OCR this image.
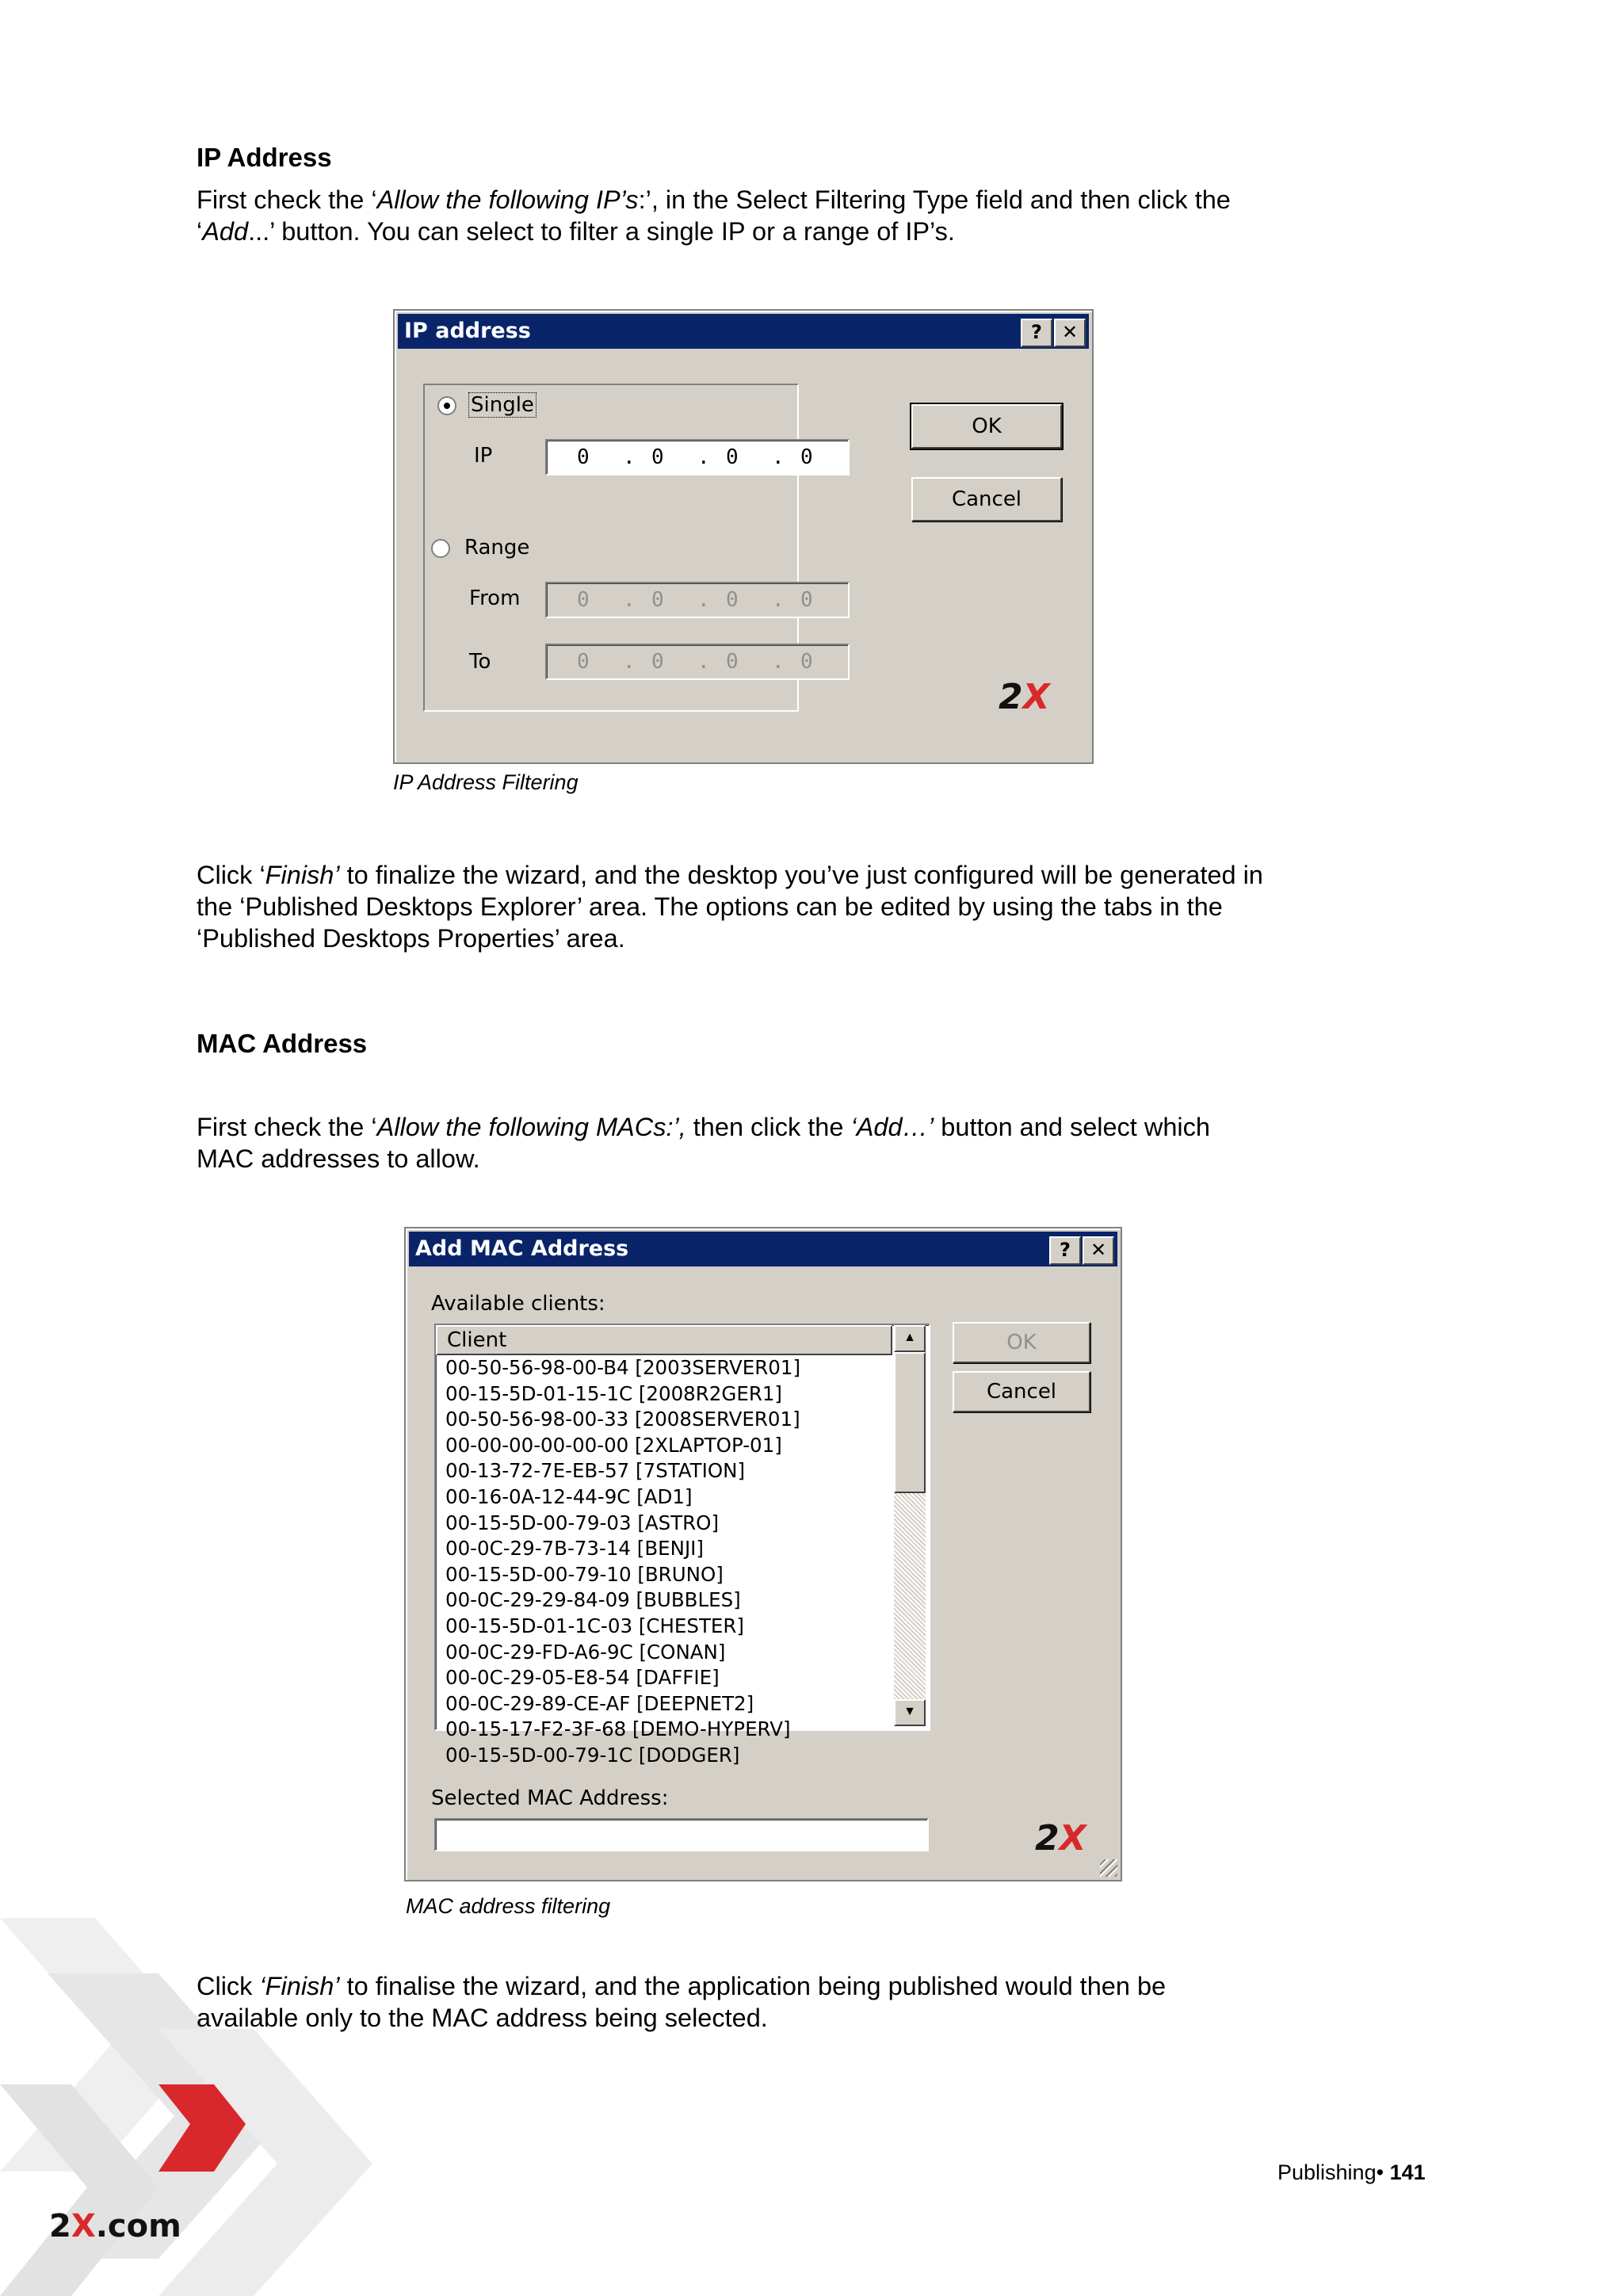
IP Address
First check the ‘Allow the following IP’s:’, in the Select Filtering Type field and then click the
‘Add...’ button. You can select to filter a single IP or a range of IP’s.
IP address	?	✕
Single
IP	0 . 0 . 0 . 0
Range
From	0 . 0 . 0 . 0
To	0 . 0 . 0 . 0
OK
Cancel
2X
IP Address Filtering
Click ‘Finish’ to finalize the wizard, and the desktop you’ve just configured will be generated in
the ‘Published Desktops Explorer’ area. The options can be edited by using the tabs in the
‘Published Desktops Properties’ area.
MAC Address
First check the ‘Allow the following MACs:’, then click the ‘Add…’ button and select which
MAC addresses to allow.
Add MAC Address	?	✕
Available clients:
Client
00-50-56-98-00-B4 [2003SERVER01]
00-15-5D-01-15-1C [2008R2GER1]
00-50-56-98-00-33 [2008SERVER01]
00-00-00-00-00-00 [2XLAPTOP-01]
00-13-72-7E-EB-57 [7STATION]
00-16-0A-12-44-9C [AD1]
00-15-5D-00-79-03 [ASTRO]
00-0C-29-7B-73-14 [BENJI]
00-15-5D-00-79-10 [BRUNO]
00-0C-29-29-84-09 [BUBBLES]
00-15-5D-01-1C-03 [CHESTER]
00-0C-29-FD-A6-9C [CONAN]
00-0C-29-05-E8-54 [DAFFIE]
00-0C-29-89-CE-AF [DEEPNET2]
00-15-17-F2-3F-68 [DEMO-HYPERV]
00-15-5D-00-79-1C [DODGER]
▲
▼
OK
Cancel
Selected MAC Address:
2X
MAC address filtering
Click ‘Finish’ to finalise the wizard, and the application being published would then be
available only to the MAC address being selected.
Publishing• 141
2X.com
